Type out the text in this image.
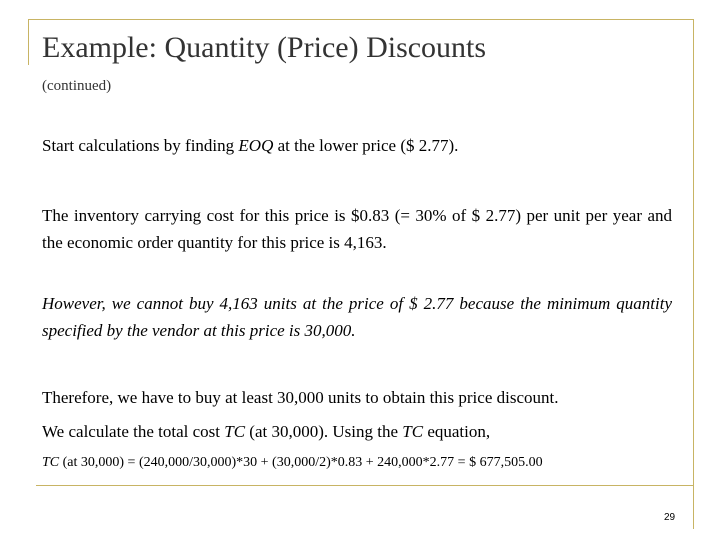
Example: Quantity (Price) Discounts
(continued)

Start calculations by finding EOQ at the lower price ($ 2.77).

The inventory carrying cost for this price is $0.83 (= 30% of $ 2.77) per unit per year and the economic order quantity for this price is 4,163.

However, we cannot buy 4,163 units at the price of $ 2.77 because the minimum quantity specified by the vendor at this price is 30,000.

Therefore, we have to buy at least 30,000 units to obtain this price discount.

We calculate the total cost TC (at 30,000). Using the TC equation,

TC (at 30,000) = (240,000/30,000)*30 + (30,000/2)*0.83 + 240,000*2.77 = $ 677,505.00
29
